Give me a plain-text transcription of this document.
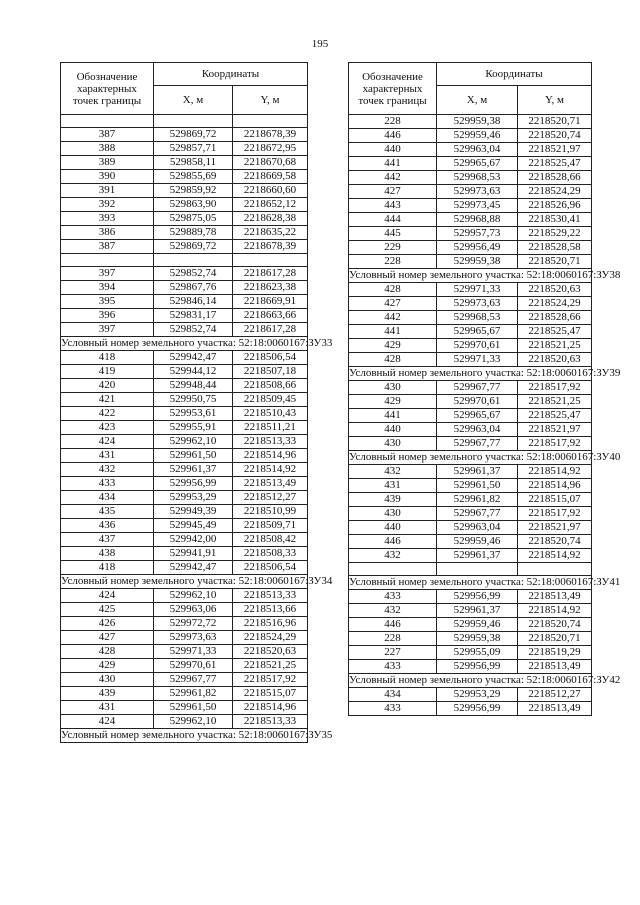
195
Обозначение характерных точек границы	Координаты	
	X, м	Y, м

387	529869,72	2218678,39
388	529857,71	2218672,95
389	529858,11	2218670,68
390	529855,69	2218669,58
391	529859,92	2218660,60
392	529863,90	2218652,12
393	529875,05	2218628,38
386	529889,78	2218635,22
387	529869,72	2218678,39

397	529852,74	2218617,28
394	529867,76	2218623,38
395	529846,14	2218669,91
396	529831,17	2218663,66
397	529852,74	2218617,28
Условный номер земельного участка: 52:18:0060167:ЗУ33		
418	529942,47	2218506,54
419	529944,12	2218507,18
420	529948,44	2218508,66
421	529950,75	2218509,45
422	529953,61	2218510,43
423	529955,91	2218511,21
424	529962,10	2218513,33
431	529961,50	2218514,96
432	529961,37	2218514,92
433	529956,99	2218513,49
434	529953,29	2218512,27
435	529949,39	2218510,99
436	529945,49	2218509,71
437	529942,00	2218508,42
438	529941,91	2218508,33
418	529942,47	2218506,54
Условный номер земельного участка: 52:18:0060167:ЗУ34		
424	529962,10	2218513,33
425	529963,06	2218513,66
426	529972,72	2218516,96
427	529973,63	2218524,29
428	529971,33	2218520,63
429	529970,61	2218521,25
430	529967,77	2218517,92
439	529961,82	2218515,07
431	529961,50	2218514,96
424	529962,10	2218513,33
Условный номер земельного участка: 52:18:0060167:ЗУ35		
Обозначение характерных точек границы	Координаты	
	X, м	Y, м
228	529959,38	2218520,71
446	529959,46	2218520,74
440	529963,04	2218521,97
441	529965,67	2218525,47
442	529968,53	2218528,66
427	529973,63	2218524,29
443	529973,45	2218526,96
444	529968,88	2218530,41
445	529957,73	2218529,22
229	529956,49	2218528,58
228	529959,38	2218520,71
Условный номер земельного участка: 52:18:0060167:ЗУ38		
428	529971,33	2218520,63
427	529973,63	2218524,29
442	529968,53	2218528,66
441	529965,67	2218525,47
429	529970,61	2218521,25
428	529971,33	2218520,63
Условный номер земельного участка: 52:18:0060167:ЗУ39		
430	529967,77	2218517,92
429	529970,61	2218521,25
441	529965,67	2218525,47
440	529963,04	2218521,97
430	529967,77	2218517,92
Условный номер земельного участка: 52:18:0060167:ЗУ40		
432	529961,37	2218514,92
431	529961,50	2218514,96
439	529961,82	2218515,07
430	529967,77	2218517,92
440	529963,04	2218521,97
446	529959,46	2218520,74
432	529961,37	2218514,92

Условный номер земельного участка: 52:18:0060167:ЗУ41		
433	529956,99	2218513,49
432	529961,37	2218514,92
446	529959,46	2218520,74
228	529959,38	2218520,71
227	529955,09	2218519,29
433	529956,99	2218513,49
Условный номер земельного участка: 52:18:0060167:ЗУ42		
434	529953,29	2218512,27
433	529956,99	2218513,49
